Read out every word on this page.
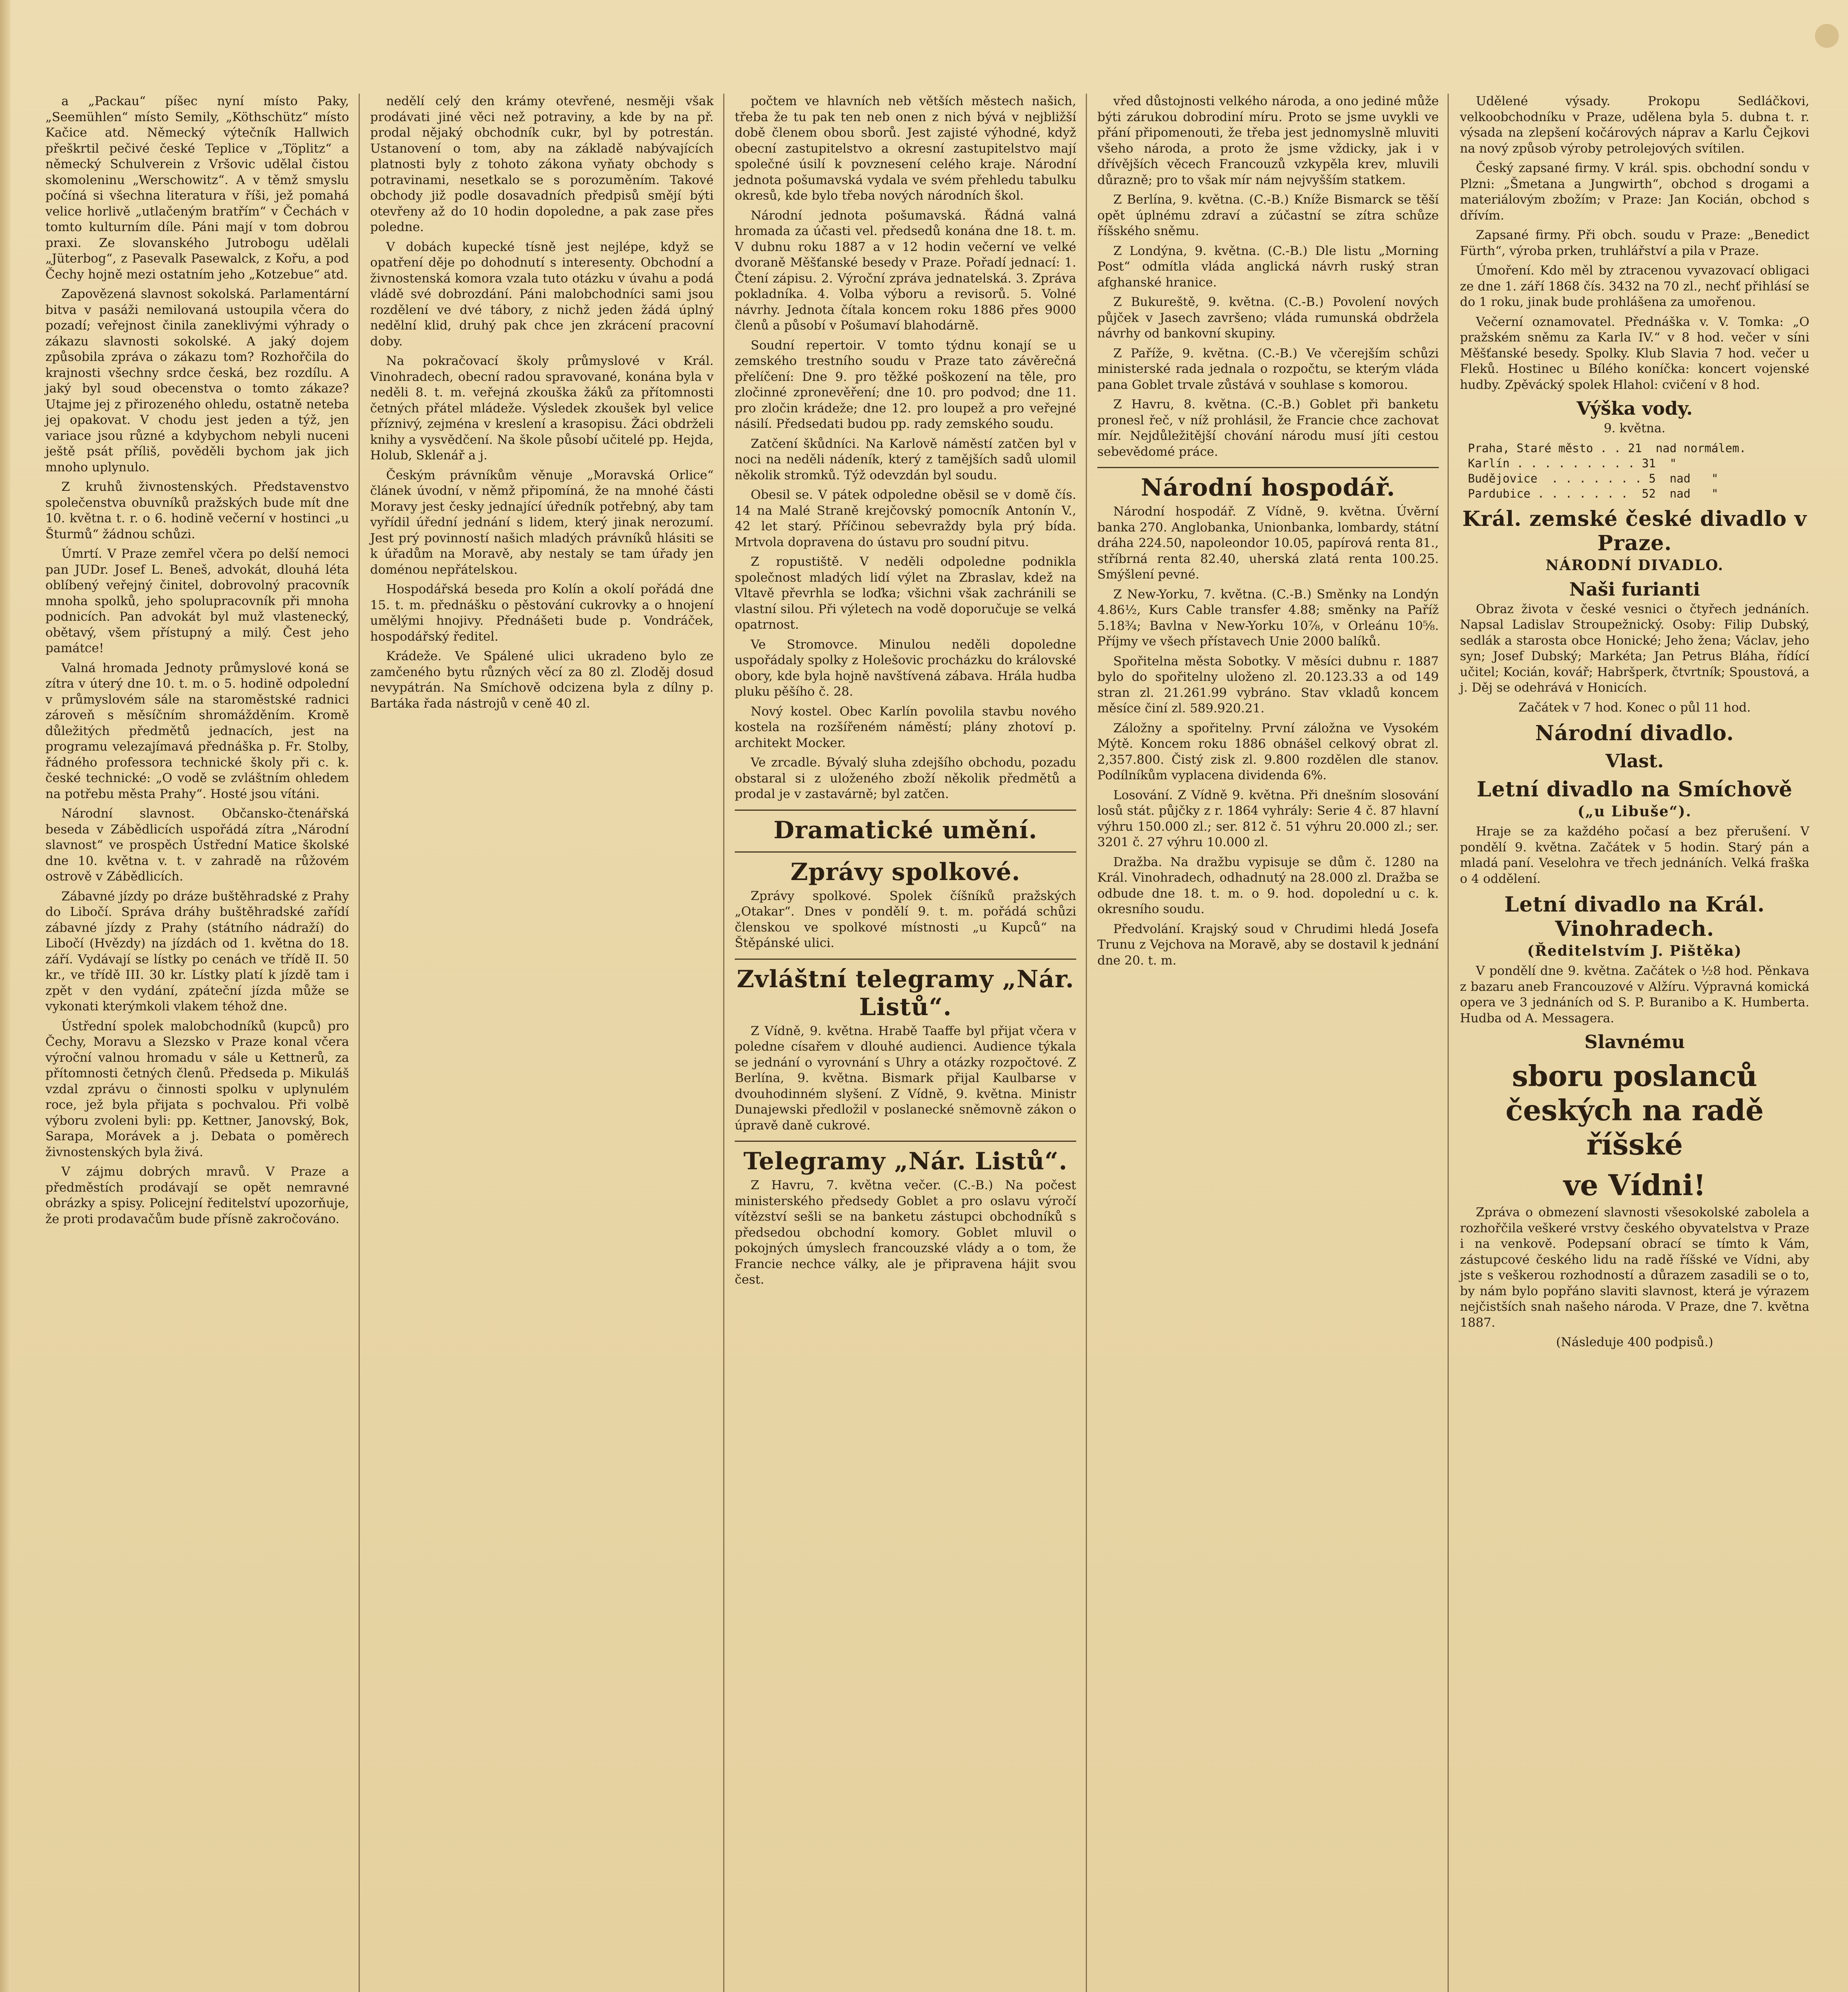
a „Packau“ píšec nyní místo Paky, „Seemühlen“ místo Semily, „Köthschütz“ místo Kačice atd. Německý výtečník Hallwich přeškrtil pečivé české Teplice v „Töplitz“ a německý Schulverein z Vršovic udělal čistou skomoleninu „Werschowitz“. A v těmž smyslu počíná si všechna literatura v říši, jež pomahá velice horlivě „utlačeným bratřím“ v Čechách v tomto kulturním díle. Páni mají v tom dobrou praxi. Ze slovanského Jutrobogu udělali „Jüterbog“, z Pasevalk Pasewalck, z Kořu, a pod Čechy hojně mezi ostatním jeho „Kotzebue“ atd.

Zapovězená slavnost sokolská. Parlamentární bitva v pasáži nemilovaná ustoupila včera do pozadí; veřejnost činila zaneklivými výhrady o zákazu slavnosti sokolské. A jaký dojem způsobila zpráva o zákazu tom? Rozhořčila do krajnosti všechny srdce česká, bez rozdílu. A jaký byl soud obecenstva o tomto zákaze? Utajme jej z přirozeného ohledu, ostatně neteba jej opakovat. V chodu jest jeden a týž, jen variace jsou různé a kdybychom nebyli nuceni ještě psát příliš, pověděli bychom jak jich mnoho uplynulo.

Z kruhů živnostenských. Představenstvo společenstva obuvníků pražských bude mít dne 10. května t. r. o 6. hodině večerní v hostinci „u Šturmů“ žádnou schůzi.

Úmrtí. V Praze zemřel včera po delší nemoci pan JUDr. Josef L. Beneš, advokát, dlouhá léta oblíbený veřejný činitel, dobrovolný pracovník mnoha spolků, jeho spolupracovník při mnoha podnicích. Pan advokát byl muž vlastenecký, obětavý, všem přístupný a milý. Čest jeho památce!

Valná hromada Jednoty průmyslové koná se zítra v úterý dne 10. t. m. o 5. hodině odpolední v průmyslovém sále na staroměstské radnici zároveň s měsíčním shromážděním. Kromě důležitých předmětů jednacích, jest na programu velezajímavá přednáška p. Fr. Stolby, řádného professora technické školy při c. k. české technické: „O vodě se zvláštním ohledem na potřebu města Prahy“. Hosté jsou vítáni.

Národní slavnost. Občansko-čtenářská beseda v Zábědlicích uspořádá zítra „Národní slavnost“ ve prospěch Ústřední Matice školské dne 10. května v. t. v zahradě na růžovém ostrově v Zábědlicích.

Zábavné jízdy po dráze buštěhradské z Prahy do Libočí. Správa dráhy buštěhradské zařídí zábavné jízdy z Prahy (státního nádraží) do Libočí (Hvězdy) na jízdách od 1. května do 18. září. Vydávají se lístky po cenách ve třídě II. 50 kr., ve třídě III. 30 kr. Lístky platí k jízdě tam i zpět v den vydání, zpáteční jízda může se vykonati kterýmkoli vlakem téhož dne.

Ústřední spolek malobchodníků (kupců) pro Čechy, Moravu a Slezsko v Praze konal včera výroční valnou hromadu v sále u Kettnerů, za přítomnosti četných členů. Předseda p. Mikuláš vzdal zprávu o činnosti spolku v uplynulém roce, jež byla přijata s pochvalou. Při volbě výboru zvoleni byli: pp. Kettner, Janovský, Bok, Sarapa, Morávek a j. Debata o poměrech živnostenských byla živá.

V zájmu dobrých mravů. V Praze a předměstích prodávají se opět nemravné obrázky a spisy. Policejní ředitelství upozorňuje, že proti prodavačům bude přísně zakročováno.

nedělí celý den krámy otevřené, nesměji však prodávati jiné věci než potraviny, a kde by na př. prodal nějaký obchodník cukr, byl by potrestán. Ustanovení o tom, aby na základě nabývajících platnosti byly z tohoto zákona vyňaty obchody s potravinami, nesetkalo se s porozuměním. Takové obchody již podle dosavadních předpisů smějí býti otevřeny až do 10 hodin dopoledne, a pak zase přes poledne.

V dobách kupecké tísně jest nejlépe, když se opatření děje po dohodnutí s interesenty. Obchodní a živnostenská komora vzala tuto otázku v úvahu a podá vládě své dobrozdání. Páni malobchodníci sami jsou rozdělení ve dvé tábory, z nichž jeden žádá úplný nedělní klid, druhý pak chce jen zkrácení pracovní doby.

Na pokračovací školy průmyslové v Král. Vinohradech, obecní radou spravované, konána byla v neděli 8. t. m. veřejná zkouška žáků za přítomnosti četných přátel mládeže. Výsledek zkoušek byl velice příznivý, zejména v kreslení a krasopisu. Žáci obdrželi knihy a vysvědčení. Na škole působí učitelé pp. Hejda, Holub, Sklenář a j.

Českým právníkům věnuje „Moravská Orlice“ článek úvodní, v němž připomíná, že na mnohé části Moravy jest česky jednající úředník potřebný, aby tam vyřídil úřední jednání s lidem, který jinak nerozumí. Jest prý povinností našich mladých právníků hlásiti se k úřadům na Moravě, aby nestaly se tam úřady jen doménou nepřátelskou.

Hospodářská beseda pro Kolín a okolí pořádá dne 15. t. m. přednášku o pěstování cukrovky a o hnojení umělými hnojivy. Přednášeti bude p. Vondráček, hospodářský ředitel.

Krádeže. Ve Spálené ulici ukradeno bylo ze zamčeného bytu různých věcí za 80 zl. Zloděj dosud nevypátrán. Na Smíchově odcizena byla z dílny p. Bartáka řada nástrojů v ceně 40 zl.

počtem ve hlavních neb větších městech našich, třeba že tu pak ten neb onen z nich bývá v nejbližší době členem obou sborů. Jest zajisté výhodné, když obecní zastupitelstvo a okresní zastupitelstvo mají společné úsilí k povznesení celého kraje. Národní jednota pošumavská vydala ve svém přehledu tabulku okresů, kde bylo třeba nových národních škol.

Národní jednota pošumavská. Řádná valná hromada za účasti vel. předsedů konána dne 18. t. m. V dubnu roku 1887 a v 12 hodin večerní ve velké dvoraně Měšťanské besedy v Praze. Pořadí jednací: 1. Čtení zápisu. 2. Výroční zpráva jednatelská. 3. Zpráva pokladníka. 4. Volba výboru a revisorů. 5. Volné návrhy. Jednota čítala koncem roku 1886 přes 9000 členů a působí v Pošumaví blahodárně.

Soudní repertoir. V tomto týdnu konají se u zemského trestního soudu v Praze tato závěrečná přelíčení: Dne 9. pro těžké poškození na těle, pro zločinné zpronevěření; dne 10. pro podvod; dne 11. pro zločin krádeže; dne 12. pro loupež a pro veřejné násilí. Předsedati budou pp. rady zemského soudu.

Zatčení škůdníci. Na Karlově náměstí zatčen byl v noci na neděli nádeník, který z tamějších sadů ulomil několik stromků. Týž odevzdán byl soudu.

Obesil se. V pátek odpoledne oběsil se v domě čís. 14 na Malé Straně krejčovský pomocník Antonín V., 42 let starý. Příčinou sebevraždy byla prý bída. Mrtvola dopravena do ústavu pro soudní pitvu.

Z ropustiště. V neděli odpoledne podnikla společnost mladých lidí výlet na Zbraslav, kdež na Vltavě převrhla se loďka; všichni však zachránili se vlastní silou. Při výletech na vodě doporučuje se velká opatrnost.

Ve Stromovce. Minulou neděli dopoledne uspořádaly spolky z Holešovic procházku do královské obory, kde byla hojně navštívená zábava. Hrála hudba pluku pěšího č. 28.

Nový kostel. Obec Karlín povolila stavbu nového kostela na rozšířeném náměstí; plány zhotoví p. architekt Mocker.

Ve zrcadle. Bývalý sluha zdejšího obchodu, pozadu obstaral si z uloženého zboží několik předmětů a prodal je v zastavárně; byl zatčen.

Dramatické umění.
Zprávy spolkové.

Zprávy spolkové. Spolek číšníků pražských „Otakar“. Dnes v pondělí 9. t. m. pořádá schůzi členskou ve spolkové místnosti „u Kupců“ na Štěpánské ulici.

Zvláštní telegramy „Nár. Listů“.

Z Vídně, 9. května. Hrabě Taaffe byl přijat včera v poledne císařem v dlouhé audienci. Audience týkala se jednání o vyrovnání s Uhry a otázky rozpočtové. Z Berlína, 9. května. Bismark přijal Kaulbarse v dvouhodinném slyšení. Z Vídně, 9. května. Ministr Dunajewski předložil v poslanecké sněmovně zákon o úpravě daně cukrové.

Telegramy „Nár. Listů“.

Z Havru, 7. května večer. (C.-B.) Na počest ministerského předsedy Goblet a pro oslavu výročí vítězství sešli se na banketu zástupci obchodníků s předsedou obchodní komory. Goblet mluvil o pokojných úmyslech francouzské vlády a o tom, že Francie nechce války, ale je připravena hájit svou čest.

vřed důstojnosti velkého národa, a ono jediné může býti zárukou dobrodiní míru. Proto se jsme uvykli ve přání připomenouti, že třeba jest jednomyslně mluviti všeho národa, a proto že jsme vždicky, jak i v dřívějších věcech Francouzů vzkypěla krev, mluvili důrazně; pro to však mír nám nejvyšším statkem.

Z Berlína, 9. května. (C.-B.) Kníže Bismarck se těší opět úplnému zdraví a zúčastní se zítra schůze říšského sněmu.

Z Londýna, 9. května. (C.-B.) Dle listu „Morning Post“ odmítla vláda anglická návrh ruský stran afghanské hranice.

Z Bukureště, 9. května. (C.-B.) Povolení nových půjček v Jasech završeno; vláda rumunská obdržela návrhy od bankovní skupiny.

Z Paříže, 9. května. (C.-B.) Ve včerejším schůzi ministerské rada jednala o rozpočtu, se kterým vláda pana Goblet trvale zůstává v souhlase s komorou.

Z Havru, 8. května. (C.-B.) Goblet při banketu pronesl řeč, v níž prohlásil, že Francie chce zachovat mír. Nejdůležitější chování národu musí jíti cestou sebevědomé práce.

Národní hospodář.

Národní hospodář. Z Vídně, 9. května. Úvěrní banka 270. Anglobanka, Unionbanka, lombardy, státní dráha 224.50, napoleondor 10.05, papírová renta 81., stříbrná renta 82.40, uherská zlatá renta 100.25. Smýšlení pevné.

Z New-Yorku, 7. května. (C.-B.) Směnky na Londýn 4.86½, Kurs Cable transfer 4.88; směnky na Paříž 5.18¾; Bavlna v New-Yorku 10⅞, v Orleánu 10⅝. Příjmy ve všech přístavech Unie 2000 balíků.

Spořitelna města Sobotky. V měsíci dubnu r. 1887 bylo do spořitelny uloženo zl. 20.123.33 a od 149 stran zl. 21.261.99 vybráno. Stav vkladů koncem měsíce činí zl. 589.920.21.

Záložny a spořitelny. První záložna ve Vysokém Mýtě. Koncem roku 1886 obnášel celkový obrat zl. 2,357.800. Čistý zisk zl. 9.800 rozdělen dle stanov. Podílníkům vyplacena dividenda 6%.

Losování. Z Vídně 9. května. Při dnešním slosování losů stát. půjčky z r. 1864 vyhrály: Serie 4 č. 87 hlavní výhru 150.000 zl.; ser. 812 č. 51 výhru 20.000 zl.; ser. 3201 č. 27 výhru 10.000 zl.

Dražba. Na dražbu vypisuje se dům č. 1280 na Král. Vinohradech, odhadnutý na 28.000 zl. Dražba se odbude dne 18. t. m. o 9. hod. dopolední u c. k. okresního soudu.

Předvolání. Krajský soud v Chrudimi hledá Josefa Trunu z Vejchova na Moravě, aby se dostavil k jednání dne 20. t. m.

Udělené výsady. Prokopu Sedláčkovi, velkoobchodníku v Praze, udělena byla 5. dubna t. r. výsada na zlepšení kočárových náprav a Karlu Čejkovi na nový způsob výroby petrolejových svítilen.

Český zapsané firmy. V král. spis. obchodní sondu v Plzni: „Šmetana a Jungwirth“, obchod s drogami a materiálovým zbožím; v Praze: Jan Kocián, obchod s dřívím.

Zapsané firmy. Při obch. soudu v Praze: „Benedict Fürth“, výroba prken, truhlářství a pila v Praze.

Úmoření. Kdo měl by ztracenou vyvazovací obligaci ze dne 1. září 1868 čís. 3432 na 70 zl., nechť přihlásí se do 1 roku, jinak bude prohlášena za umořenou.

Večerní oznamovatel. Přednáška v. V. Tomka: „O pražském sněmu za Karla IV.“ v 8 hod. večer v síni Měšťanské besedy. Spolky. Klub Slavia 7 hod. večer u Fleků. Hostinec u Bílého koníčka: koncert vojenské hudby. Zpěvácký spolek Hlahol: cvičení v 8 hod.

Výška vody.

9. května.

Praha, Staré město . . 21  nad normálem.
Karlín . . . . . . . . . 31  "
Budějovice  . . . . . . . 5  nad   "
Pardubice . . . . . . .  52  nad   "
Král. zemské české divadlo v Praze.
NÁRODNÍ DIVADLO.
Naši furianti

Obraz života v české vesnici o čtyřech jednáních. Napsal Ladislav Stroupežnický. Osoby: Filip Dubský, sedlák a starosta obce Honické; Jeho žena; Václav, jeho syn; Josef Dubský; Markéta; Jan Petrus Bláha, řídící učitel; Kocián, kovář; Habršperk, čtvrtník; Spoustová, a j. Děj se odehrává v Honicích.

Začátek v 7 hod. Konec o půl 11 hod.

Národní divadlo.
Vlast.
Letní divadlo na Smíchově
(„u Libuše“).

Hraje se za každého počasí a bez přerušení. V pondělí 9. května. Začátek v 5 hodin. Starý pán a mladá paní. Veselohra ve třech jednáních. Velká fraška o 4 oddělení.

Letní divadlo na Král. Vinohradech.
(Ředitelstvím J. Pištěka)

V pondělí dne 9. května. Začátek o ½8 hod. Pěnkava z bazaru aneb Francouzové v Alžíru. Výpravná komická opera ve 3 jednáních od S. P. Buranibo a K. Humberta. Hudba od A. Messagera.

Slavnému
sboru poslanců českých na radě říšské
ve Vídni!

Zpráva o obmezení slavnosti všesokolské zabolela a rozhořčila veškeré vrstvy českého obyvatelstva v Praze i na venkově. Podepsaní obrací se tímto k Vám, zástupcové českého lidu na radě říšské ve Vídni, aby jste s veškerou rozhodností a důrazem zasadili se o to, by nám bylo popřáno slaviti slavnost, která je výrazem nejčistších snah našeho národa. V Praze, dne 7. května 1887.

(Následuje 400 podpisů.)
